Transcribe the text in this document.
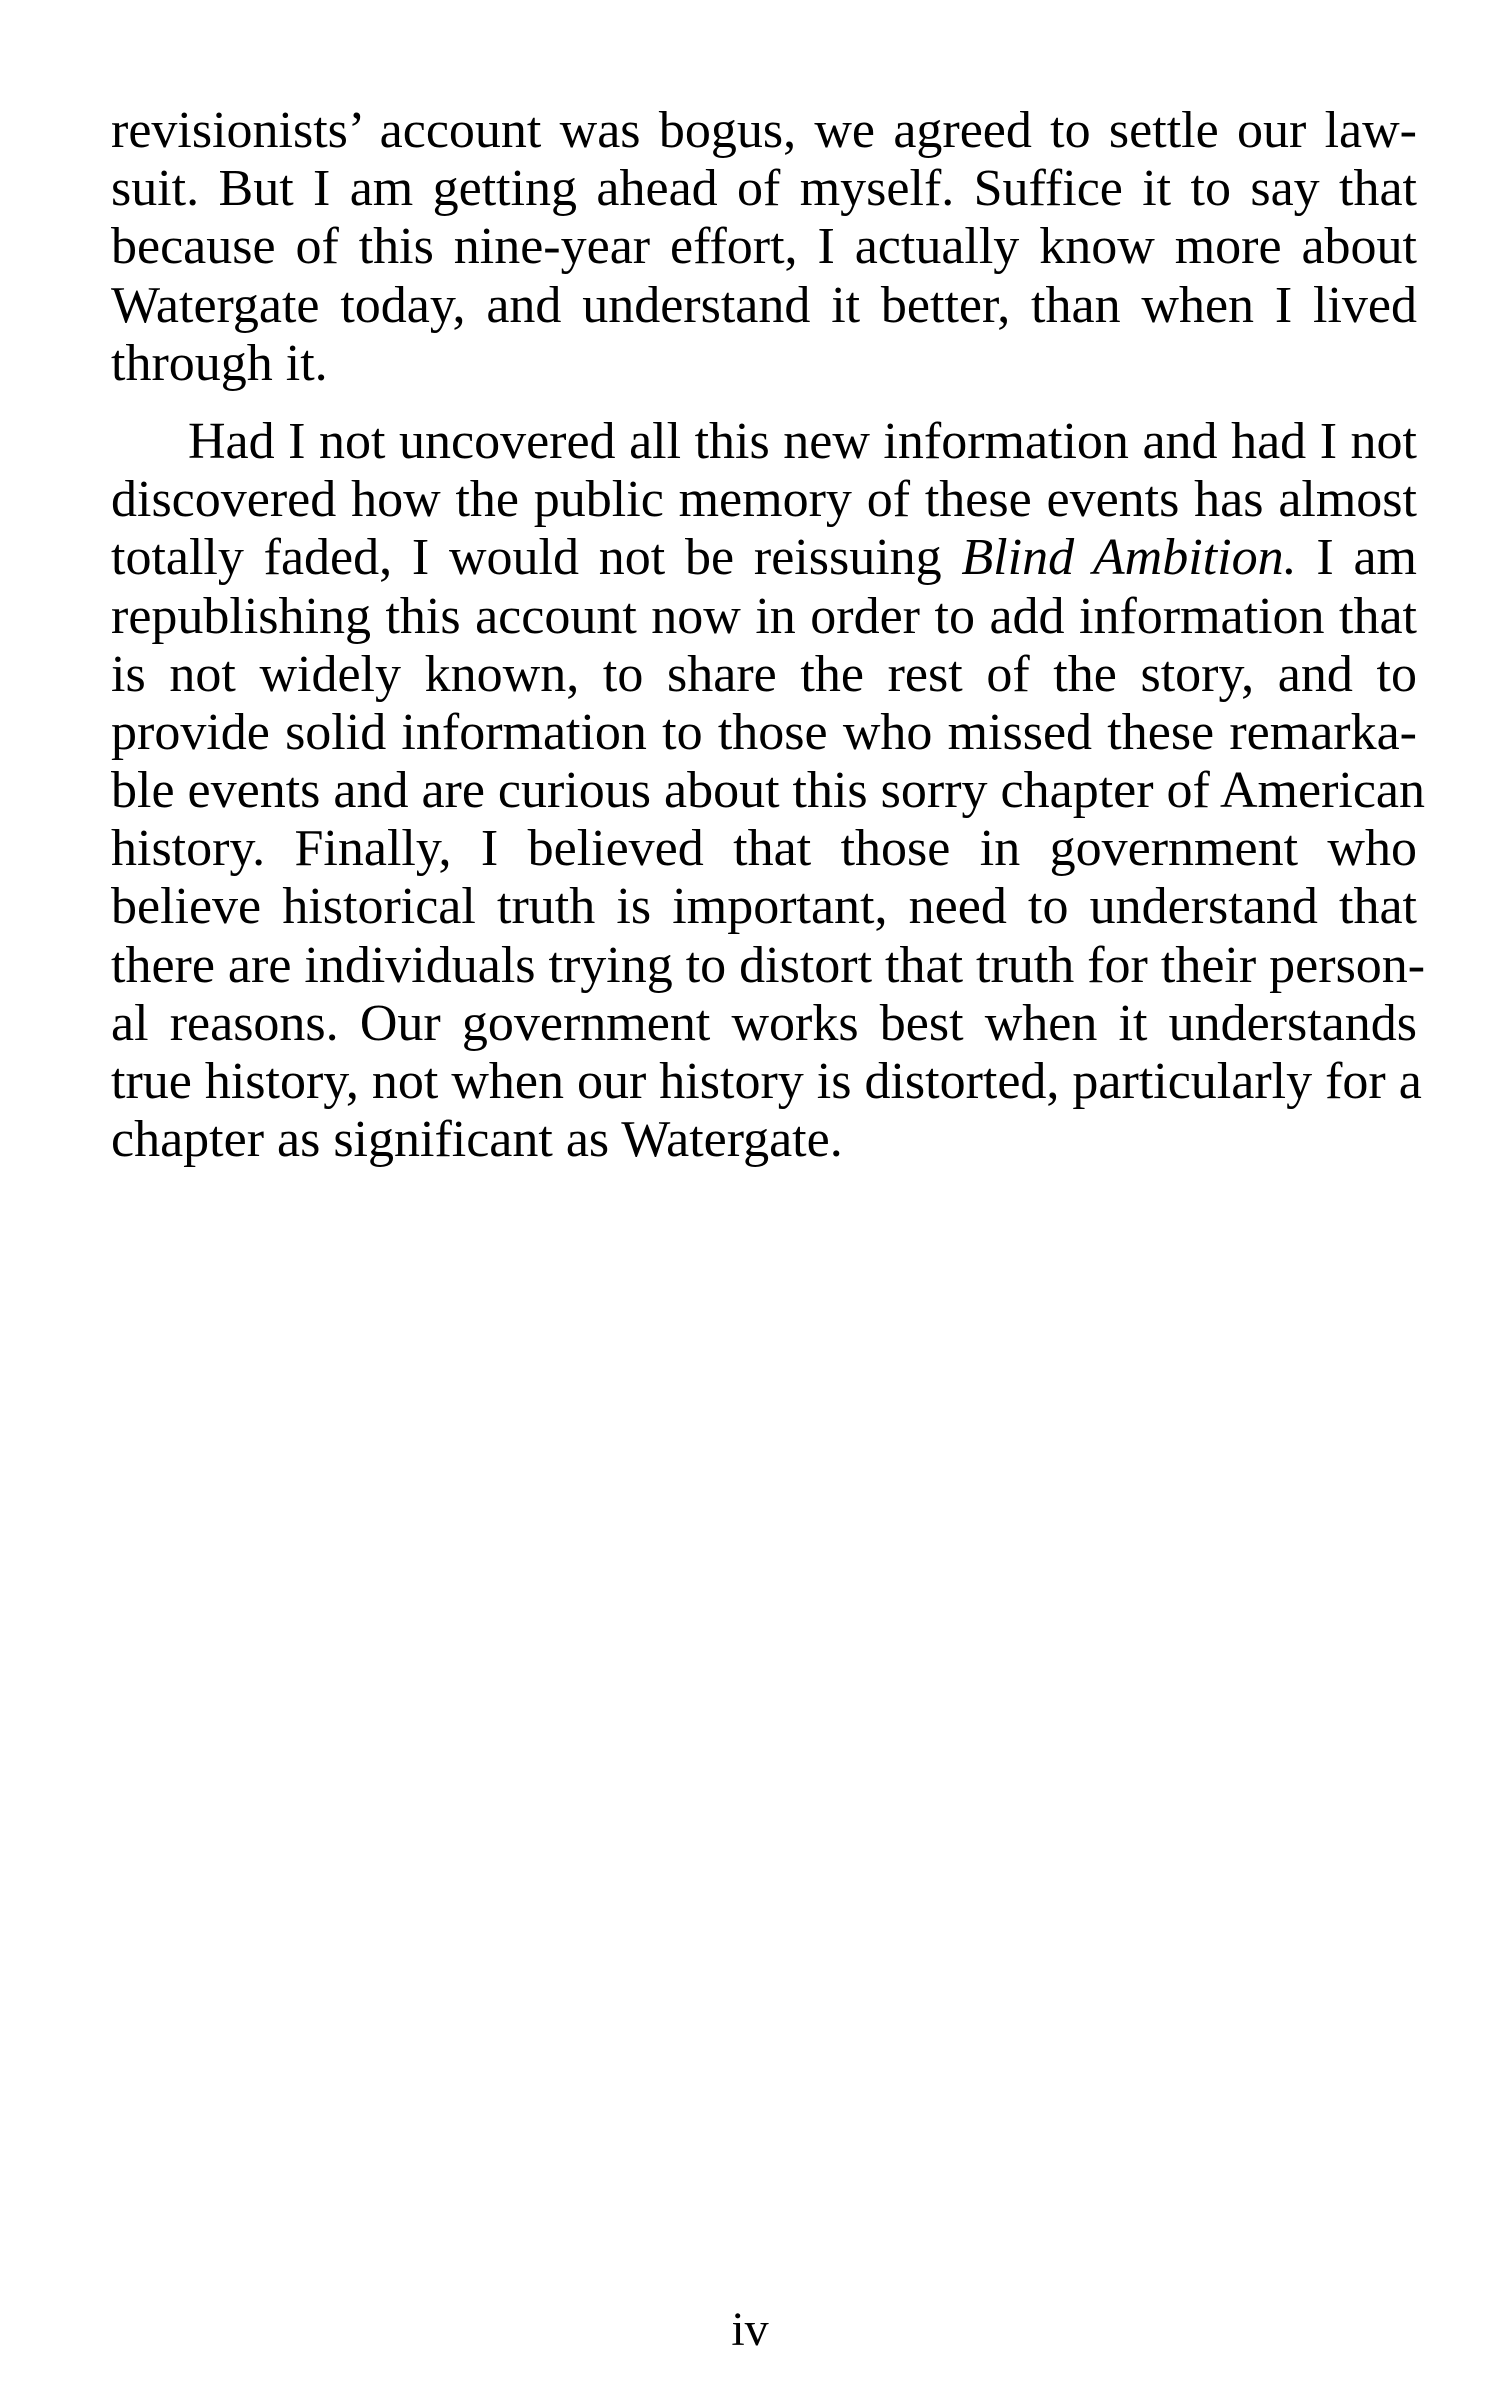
revisionists’ account was bogus, we agreed to settle our law-
suit. But I am getting ahead of myself. Suffice it to say that
because of this nine-year effort, I actually know more about
Watergate today, and understand it better, than when I lived
through it.

Had I not uncovered all this new information and had I not
discovered how the public memory of these events has almost
totally faded, I would not be reissuing Blind Ambition. I am
republishing this account now in order to add information that
is not widely known, to share the rest of the story, and to
provide solid information to those who missed these remarka-
ble events and are curious about this sorry chapter of American
history. Finally, I believed that those in government who
believe historical truth is important, need to understand that
there are individuals trying to distort that truth for their person-
al reasons. Our government works best when it understands
true history, not when our history is distorted, particularly for a
chapter as significant as Watergate.

iv
